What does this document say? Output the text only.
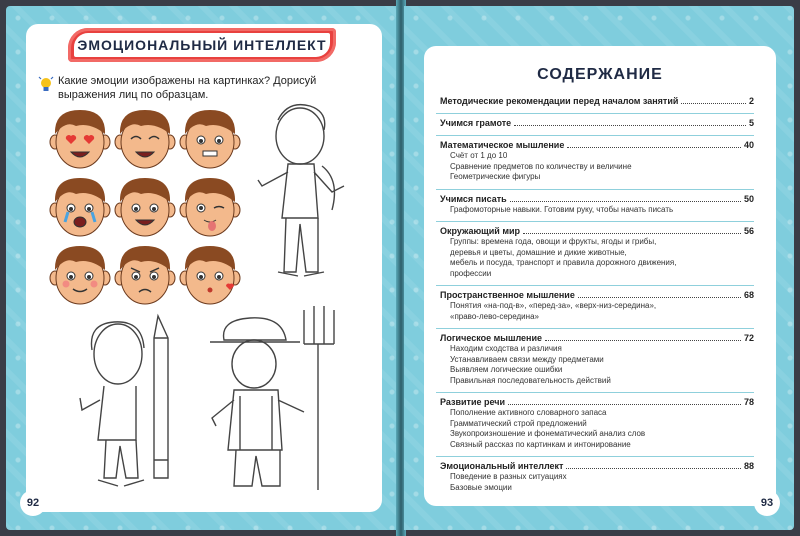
92
ЭМОЦИОНАЛЬНЫЙ ИНТЕЛЛЕКТ
Какие эмоции изображены на картинках? Дорисуй выражения лиц по образцам.
СОДЕРЖАНИЕ
93
Методические рекомендации перед началом занятий	2
Учимся грамоте	5
Математическое мышление	40
Счёт от 1 до 10
Сравнение предметов по количеству и величине
Геометрические фигуры
Учимся писать	50
Графомоторные навыки. Готовим руку, чтобы начать писать
Окружающий мир	56
Группы: времена года, овощи и фрукты, ягоды и грибы,
деревья и цветы, домашние и дикие животные,
мебель и посуда, транспорт и правила дорожного движения,
профессии
Пространственное мышление	68
Понятия «на-под-в», «перед-за», «верх-низ-середина»,
«право-лево-середина»
Логическое мышление	72
Находим сходства и различия
Устанавливаем связи между предметами
Выявляем логические ошибки
Правильная последовательность действий
Развитие речи	78
Пополнение активного словарного запаса
Грамматический строй предложений
Звукопроизношение и фонематический анализ слов
Связный рассказ по картинкам и интонирование
Эмоциональный интеллект	88
Поведение в разных ситуациях
Базовые эмоции
